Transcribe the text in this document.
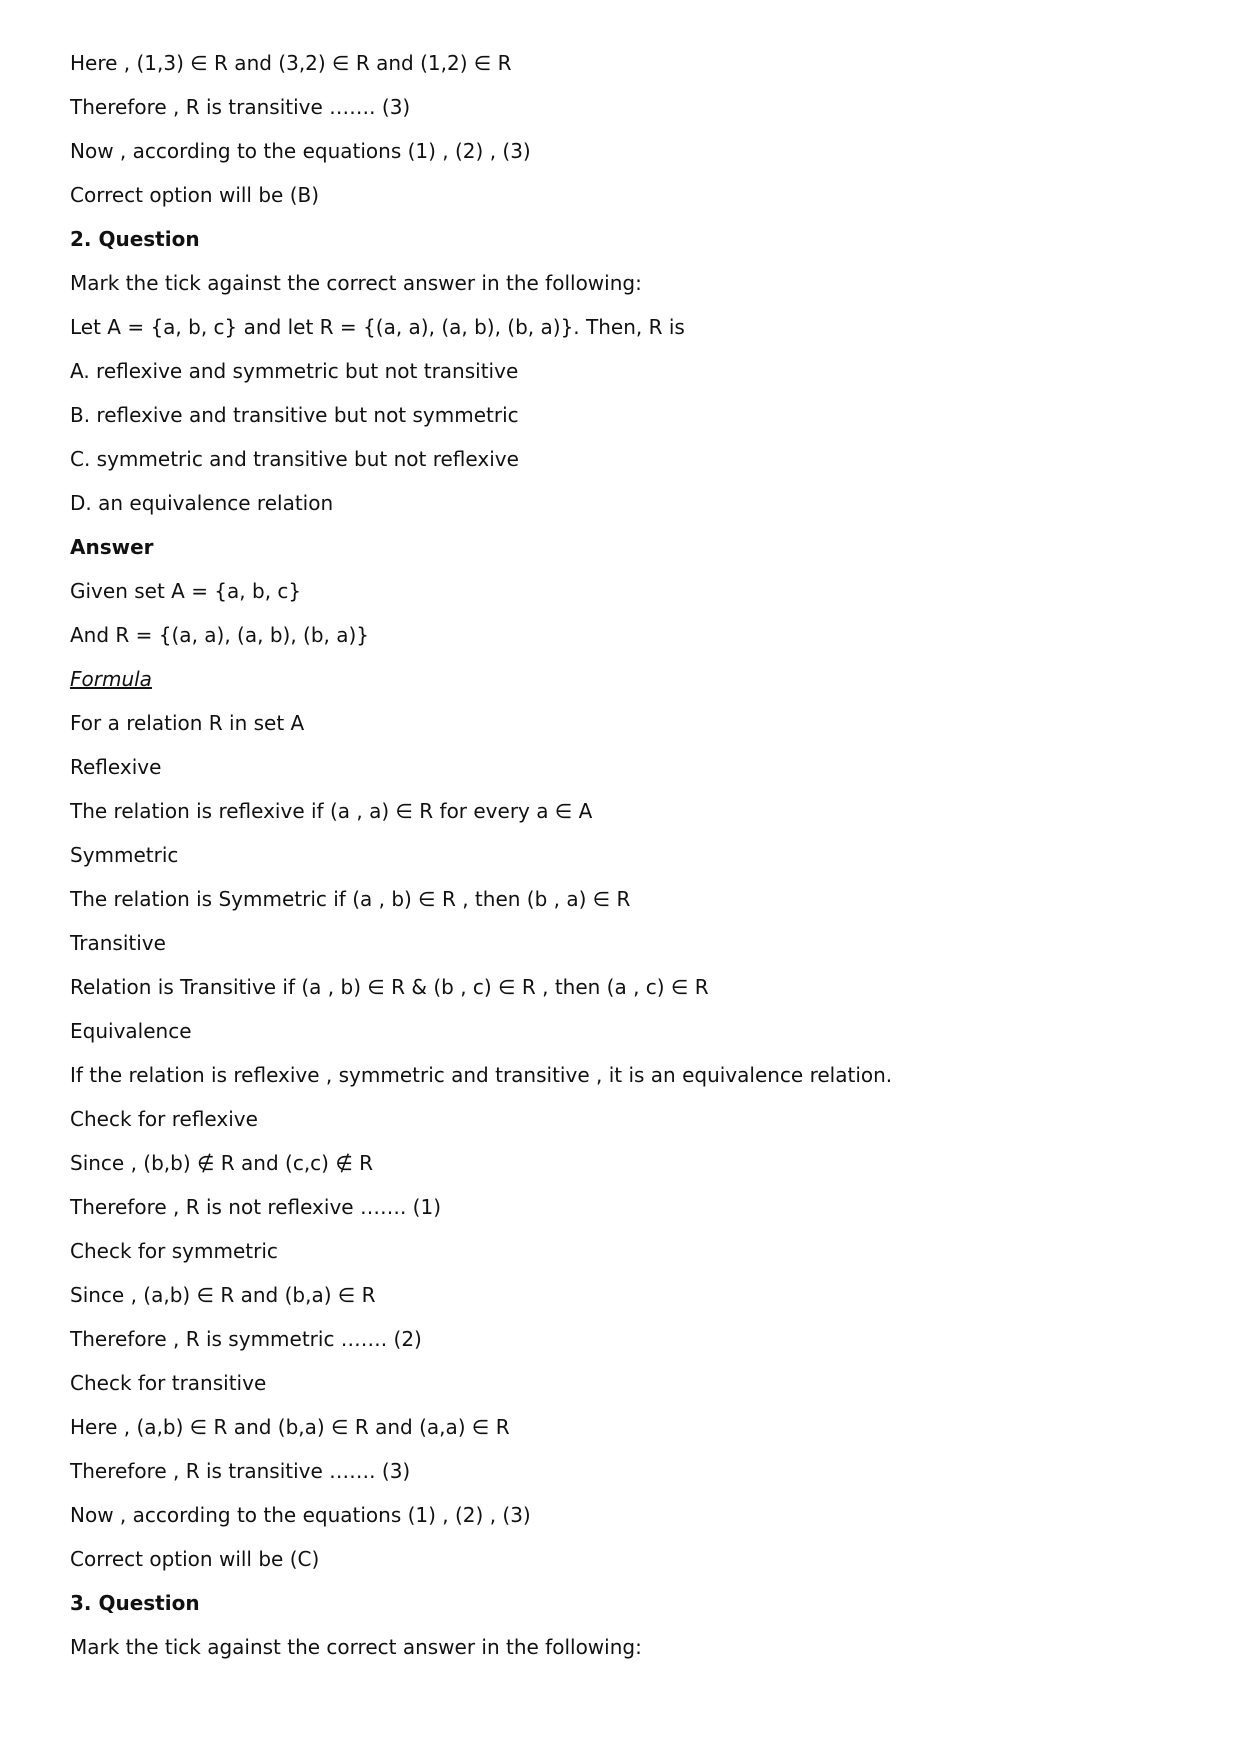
Here , (1,3) ∈ R and (3,2) ∈ R and (1,2) ∈ R
Therefore , R is transitive ……. (3)
Now , according to the equations (1) , (2) , (3)
Correct option will be (B)
2. Question
Mark the tick against the correct answer in the following:
Let A = {a, b, c} and let R = {(a, a), (a, b), (b, a)}. Then, R is
A. reflexive and symmetric but not transitive
B. reflexive and transitive but not symmetric
C. symmetric and transitive but not reflexive
D. an equivalence relation
Answer
Given set A = {a, b, c}
And R = {(a, a), (a, b), (b, a)}
Formula
For a relation R in set A
Reflexive
The relation is reflexive if (a , a) ∈ R for every a ∈ A
Symmetric
The relation is Symmetric if (a , b) ∈ R , then (b , a) ∈ R
Transitive
Relation is Transitive if (a , b) ∈ R & (b , c) ∈ R , then (a , c) ∈ R
Equivalence
If the relation is reflexive , symmetric and transitive , it is an equivalence relation.
Check for reflexive
Since , (b,b) ∉ R and (c,c) ∉ R
Therefore , R is not reflexive ……. (1)
Check for symmetric
Since , (a,b) ∈ R and (b,a) ∈ R
Therefore , R is symmetric ……. (2)
Check for transitive
Here , (a,b) ∈ R and (b,a) ∈ R and (a,a) ∈ R
Therefore , R is transitive ……. (3)
Now , according to the equations (1) , (2) , (3)
Correct option will be (C)
3. Question
Mark the tick against the correct answer in the following:
